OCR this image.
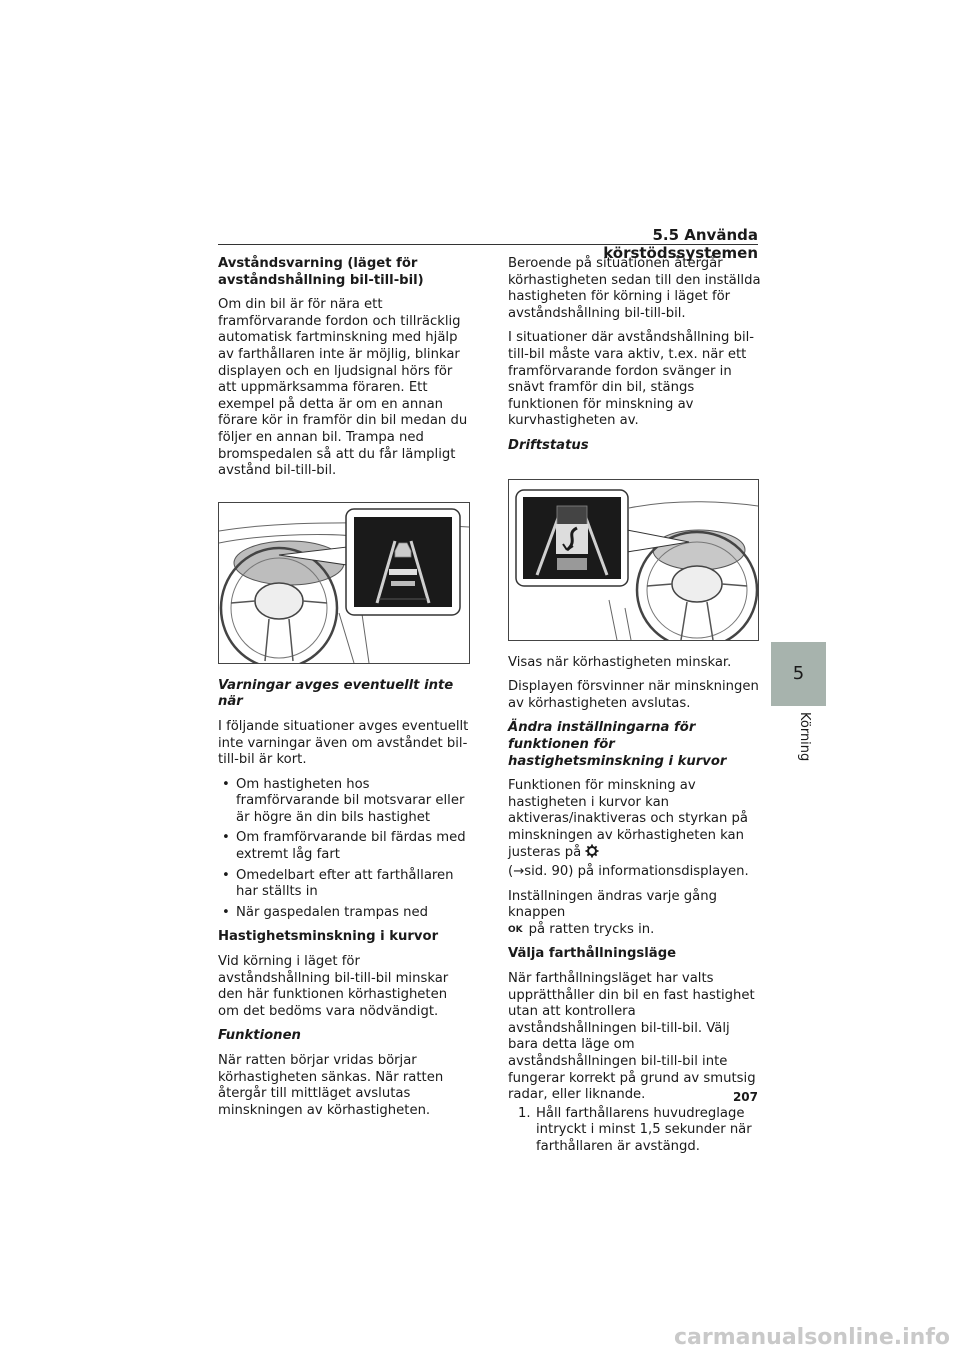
5.5 Använda körstödssystemen
Avståndsvarning (läget för avståndshållning bil-till-bil)

Om din bil är för nära ett framförvarande fordon och tillräcklig automatisk fartminskning med hjälp av farthållaren inte är möjlig, blinkar displayen och en ljudsignal hörs för att uppmärksamma föraren. Ett exempel på detta är om en annan förare kör in framför din bil medan du följer en annan bil. Trampa ned bromspedalen så att du får lämpligt avstånd bil-till-bil.

Varningar avges eventuellt inte när

I följande situationer avges eventuellt inte varningar även om avståndet bil-till-bil är kort.

• Om hastigheten hos framförvarande bil motsvarar eller är högre än din bils hastighet
• Om framförvarande bil färdas med extremt låg fart
• Omedelbart efter att farthållaren har ställts in
• När gaspedalen trampas ned
Hastighetsminskning i kurvor

Vid körning i läget för avståndshållning bil-till-bil minskar den här funktionen körhastigheten om det bedöms vara nödvändigt.

Funktionen

När ratten börjar vridas börjar körhastigheten sänkas. När ratten återgår till mittläget avslutas minskningen av körhastigheten.

Beroende på situationen återgår körhastigheten sedan till den inställda hastigheten för körning i läget för avståndshållning bil-till-bil.

I situationer där avståndshållning bil-till-bil måste vara aktiv, t.ex. när ett framförvarande fordon svänger in snävt framför din bil, stängs funktionen för minskning av kurvhastigheten av.

Driftstatus

Visas när körhastigheten minskar.

Displayen försvinner när minskningen av körhastigheten avslutas.

Ändra inställningarna för funktionen för hastighetsminskning i kurvor

Funktionen för minskning av hastigheten i kurvor kan aktiveras/inaktiveras och styrkan på minskningen av körhastigheten kan justeras på
(→sid. 90) på informationsdisplayen.

Inställningen ändras varje gång knappen
OK på ratten trycks in.

Välja farthållningsläge

När farthållningsläget har valts upprätthåller din bil en fast hastighet utan att kontrollera avståndshållningen bil-till-bil. Välj bara detta läge om avståndshållningen bil-till-bil inte fungerar korrekt på grund av smutsig radar, eller liknande.

1. Håll farthållarens huvudreglage intryckt i minst 1,5 sekunder när farthållaren är avstängd.
5
Körning
207
carmanualsonline.info
